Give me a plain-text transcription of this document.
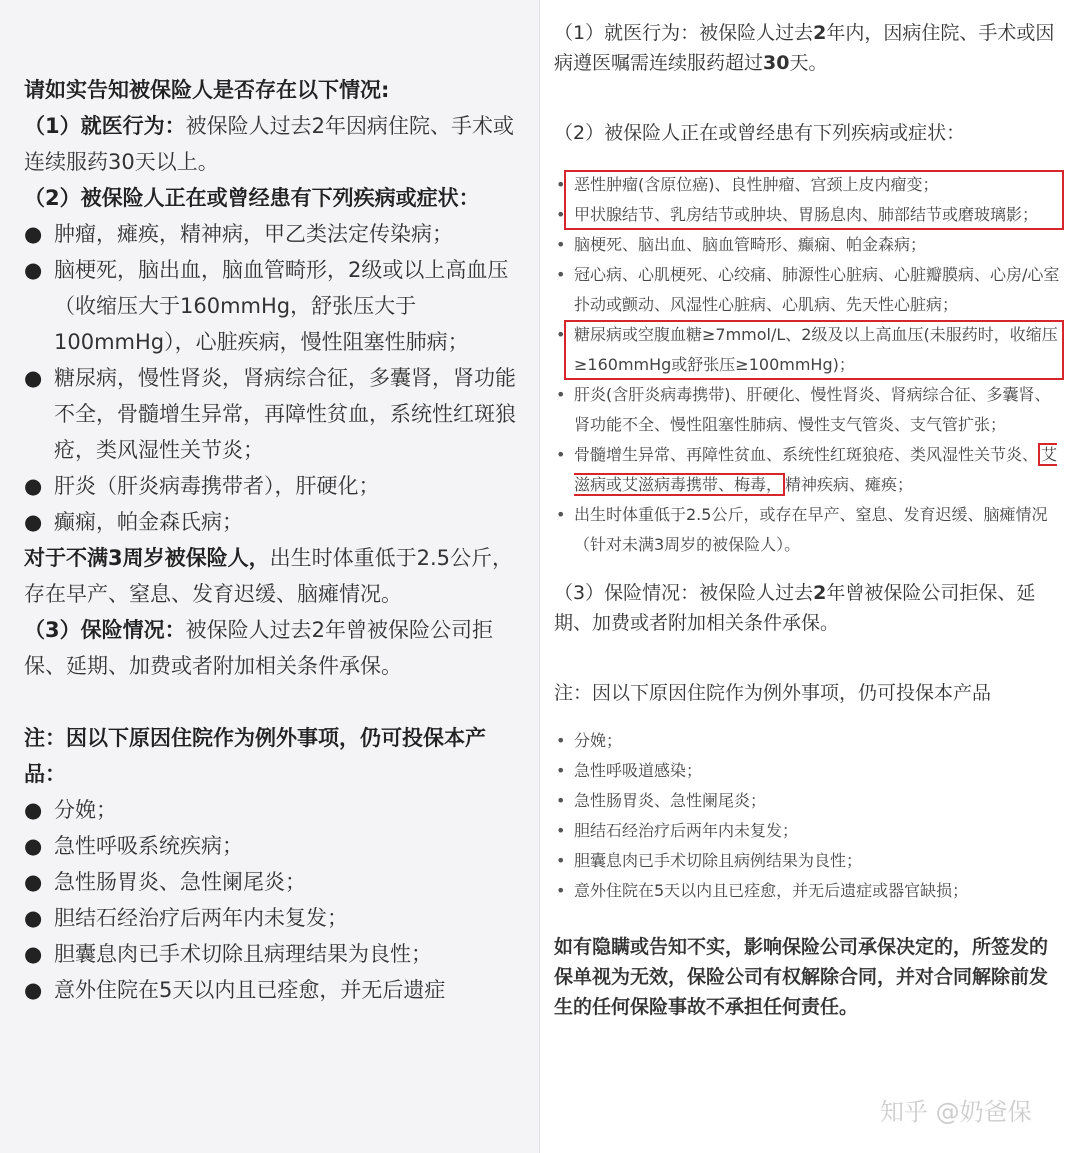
请如实告知被保险人是否存在以下情况:

（1）就医行为：被保险人过去2年因病住院、手术或连续服药30天以上。

（2）被保险人正在或曾经患有下列疾病或症状：

● 肿瘤，瘫痪，精神病，甲乙类法定传染病；
● 脑梗死，脑出血，脑血管畸形，2级或以上高血压（收缩压大于160mmHg，舒张压大于100mmHg），心脏疾病，慢性阻塞性肺病；
● 糖尿病，慢性肾炎，肾病综合征，多囊肾，肾功能不全，骨髓增生异常，再障性贫血，系统性红斑狼疮，类风湿性关节炎；
● 肝炎（肝炎病毒携带者），肝硬化；
● 癫痫，帕金森氏病；

对于不满3周岁被保险人，出生时体重低于2.5公斤，存在早产、窒息、发育迟缓、脑瘫情况。

（3）保险情况：被保险人过去2年曾被保险公司拒保、延期、加费或者附加相关条件承保。

注：因以下原因住院作为例外事项，仍可投保本产品：

● 分娩；
● 急性呼吸系统疾病；
● 急性肠胃炎、急性阑尾炎；
● 胆结石经治疗后两年内未复发；
● 胆囊息肉已手术切除且病理结果为良性；
● 意外住院在5天以内且已痊愈，并无后遗症

（1）就医行为：被保险人过去2年内，因病住院、手术或因病遵医嘱需连续服药超过30天。

（2）被保险人正在或曾经患有下列疾病或症状：

• 恶性肿瘤(含原位癌)、良性肿瘤、宫颈上皮内瘤变；
• 甲状腺结节、乳房结节或肿块、胃肠息肉、肺部结节或磨玻璃影；
• 脑梗死、脑出血、脑血管畸形、癫痫、帕金森病；
• 冠心病、心肌梗死、心绞痛、肺源性心脏病、心脏瓣膜病、心房/心室扑动或颤动、风湿性心脏病、心肌病、先天性心脏病；
• 糖尿病或空腹血糖≥7mmol/L、2级及以上高血压(未服药时，收缩压≥160mmHg或舒张压≥100mmHg)；
• 肝炎(含肝炎病毒携带)、肝硬化、慢性肾炎、肾病综合征、多囊肾、肾功能不全、慢性阻塞性肺病、慢性支气管炎、支气管扩张；
• 骨髓增生异常、再障性贫血、系统性红斑狼疮、类风湿性关节炎、 艾滋病或艾滋病毒携带、梅毒， 精神疾病、瘫痪；
• 出生时体重低于2.5公斤，或存在早产、窒息、发育迟缓、脑瘫情况（针对未满3周岁的被保险人）。

（3）保险情况：被保险人过去2年曾被保险公司拒保、延期、加费或者附加相关条件承保。

注：因以下原因住院作为例外事项，仍可投保本产品

• 分娩；
• 急性呼吸道感染；
• 急性肠胃炎、急性阑尾炎；
• 胆结石经治疗后两年内未复发；
• 胆囊息肉已手术切除且病例结果为良性；
• 意外住院在5天以内且已痊愈，并无后遗症或器官缺损；

如有隐瞒或告知不实，影响保险公司承保决定的，所签发的保单视为无效，保险公司有权解除合同，并对合同解除前发生的任何保险事故不承担任何责任。

知乎 @奶爸保
